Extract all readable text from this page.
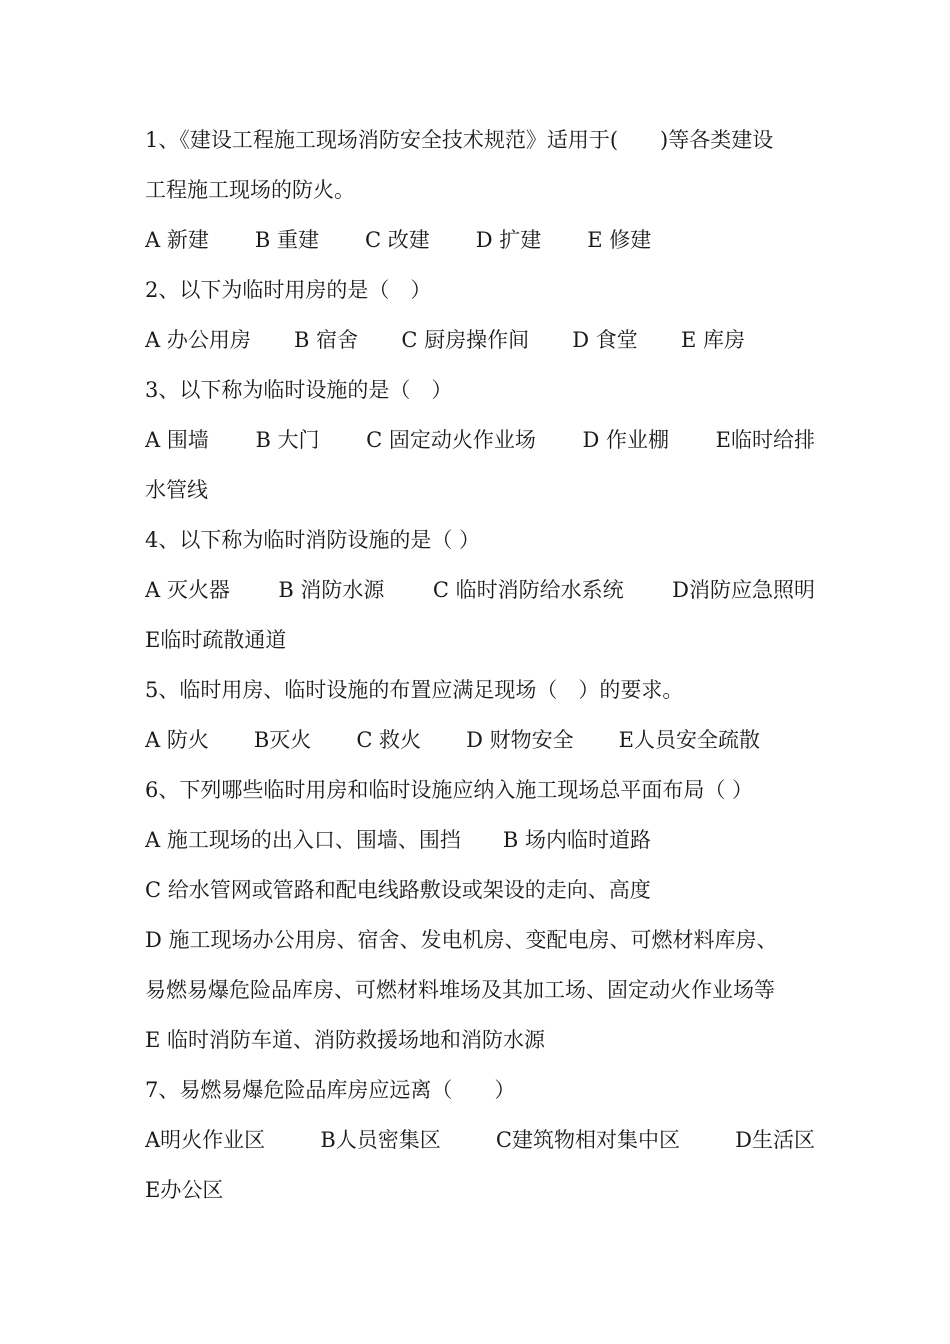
1、《建设工程施工现场消防安全技术规范》适用于(　　)等各类建设
工程施工现场的防火。
A 新建 B 重建 C 改建 D 扩建 E 修建
2、以下为临时用房的是（　）
A 办公用房 B 宿舍 C 厨房操作间 D 食堂 E 库房
3、以下称为临时设施的是（　）
A 围墙 B 大门 C 固定动火作业场 D 作业棚 E临时给排
水管线
4、以下称为临时消防设施的是（ ）
A 灭火器 B 消防水源 C 临时消防给水系统 D消防应急照明
E临时疏散通道
5、临时用房、临时设施的布置应满足现场（　）的要求。
A 防火 B灭火 C 救火 D 财物安全 E人员安全疏散
6、下列哪些临时用房和临时设施应纳入施工现场总平面布局（ ）
A 施工现场的出入口、围墙、围挡　　B 场内临时道路
C 给水管网或管路和配电线路敷设或架设的走向、高度
D 施工现场办公用房、宿舍、发电机房、变配电房、可燃材料库房、
易燃易爆危险品库房、可燃材料堆场及其加工场、固定动火作业场等
E 临时消防车道、消防救援场地和消防水源
7、易燃易爆危险品库房应远离（　　）
A明火作业区	B人员密集区	C建筑物相对集中区	D生活区
E办公区
